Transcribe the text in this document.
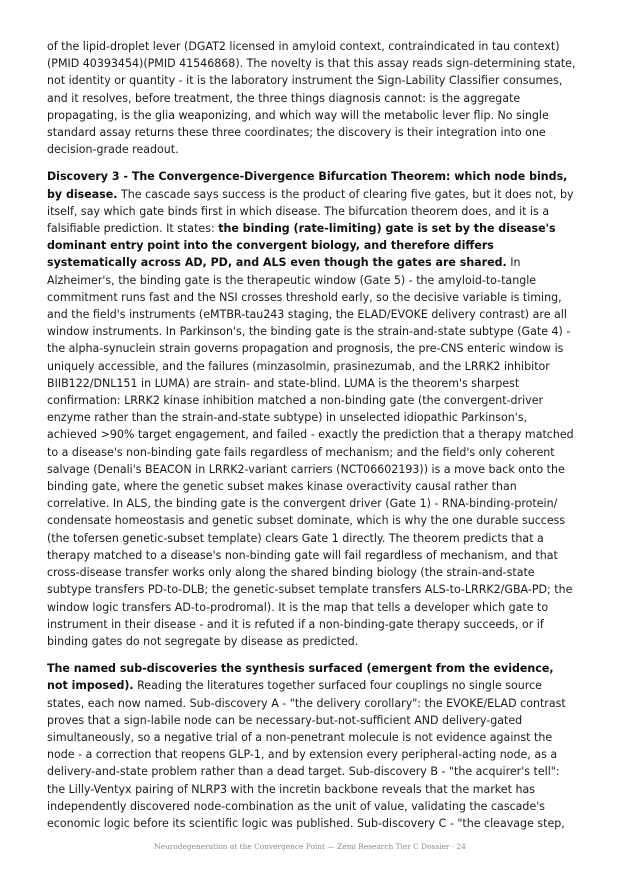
of the lipid-droplet lever (DGAT2 licensed in amyloid context, contraindicated in tau context) (PMID 40393454)(PMID 41546868). The novelty is that this assay reads sign-determining state, not identity or quantity - it is the laboratory instrument the Sign-Lability Classifier consumes, and it resolves, before treatment, the three things diagnosis cannot: is the aggregate propagating, is the glia weaponizing, and which way will the metabolic lever flip. No single standard assay returns these three coordinates; the discovery is their integration into one decision-grade readout.

Discovery 3 - The Convergence-Divergence Bifurcation Theorem: which node binds, by disease. The cascade says success is the product of clearing five gates, but it does not, by itself, say which gate binds first in which disease. The bifurcation theorem does, and it is a falsifiable prediction. It states: the binding (rate-limiting) gate is set by the disease's dominant entry point into the convergent biology, and therefore differs systematically across AD, PD, and ALS even though the gates are shared. In Alzheimer's, the binding gate is the therapeutic window (Gate 5) - the amyloid-to-tangle commitment runs fast and the NSI crosses threshold early, so the decisive variable is timing, and the field's instruments (eMTBR-tau243 staging, the ELAD/EVOKE delivery contrast) are all window instruments. In Parkinson's, the binding gate is the strain-and-state subtype (Gate 4) - the alpha-synuclein strain governs propagation and prognosis, the pre-CNS enteric window is uniquely accessible, and the failures (minzasolmin, prasinezumab, and the LRRK2 inhibitor BIIB122/DNL151 in LUMA) are strain- and state-blind. LUMA is the theorem's sharpest confirmation: LRRK2 kinase inhibition matched a non-binding gate (the convergent-driver enzyme rather than the strain-and-state subtype) in unselected idiopathic Parkinson's, achieved >90% target engagement, and failed - exactly the prediction that a therapy matched to a disease's non-binding gate fails regardless of mechanism; and the field's only coherent salvage (Denali's BEACON in LRRK2-variant carriers (NCT06602193)) is a move back onto the binding gate, where the genetic subset makes kinase overactivity causal rather than correlative. In ALS, the binding gate is the convergent driver (Gate 1) - RNA-binding-protein/ condensate homeostasis and genetic subset dominate, which is why the one durable success (the tofersen genetic-subset template) clears Gate 1 directly. The theorem predicts that a therapy matched to a disease's non-binding gate will fail regardless of mechanism, and that cross-disease transfer works only along the shared binding biology (the strain-and-state subtype transfers PD-to-DLB; the genetic-subset template transfers ALS-to-LRRK2/GBA-PD; the window logic transfers AD-to-prodromal). It is the map that tells a developer which gate to instrument in their disease - and it is refuted if a non-binding-gate therapy succeeds, or if binding gates do not segregate by disease as predicted.

The named sub-discoveries the synthesis surfaced (emergent from the evidence, not imposed). Reading the literatures together surfaced four couplings no single source states, each now named. Sub-discovery A - "the delivery corollary": the EVOKE/ELAD contrast proves that a sign-labile node can be necessary-but-not-sufficient AND delivery-gated simultaneously, so a negative trial of a non-penetrant molecule is not evidence against the node - a correction that reopens GLP-1, and by extension every peripheral-acting node, as a delivery-and-state problem rather than a dead target. Sub-discovery B - "the acquirer's tell": the Lilly-Ventyx pairing of NLRP3 with the incretin backbone reveals that the market has independently discovered node-combination as the unit of value, validating the cascade's economic logic before its scientific logic was published. Sub-discovery C - "the cleavage step,

Neurodegeneration at the Convergence Point — Zemi Research Tier C Dossier · 24
